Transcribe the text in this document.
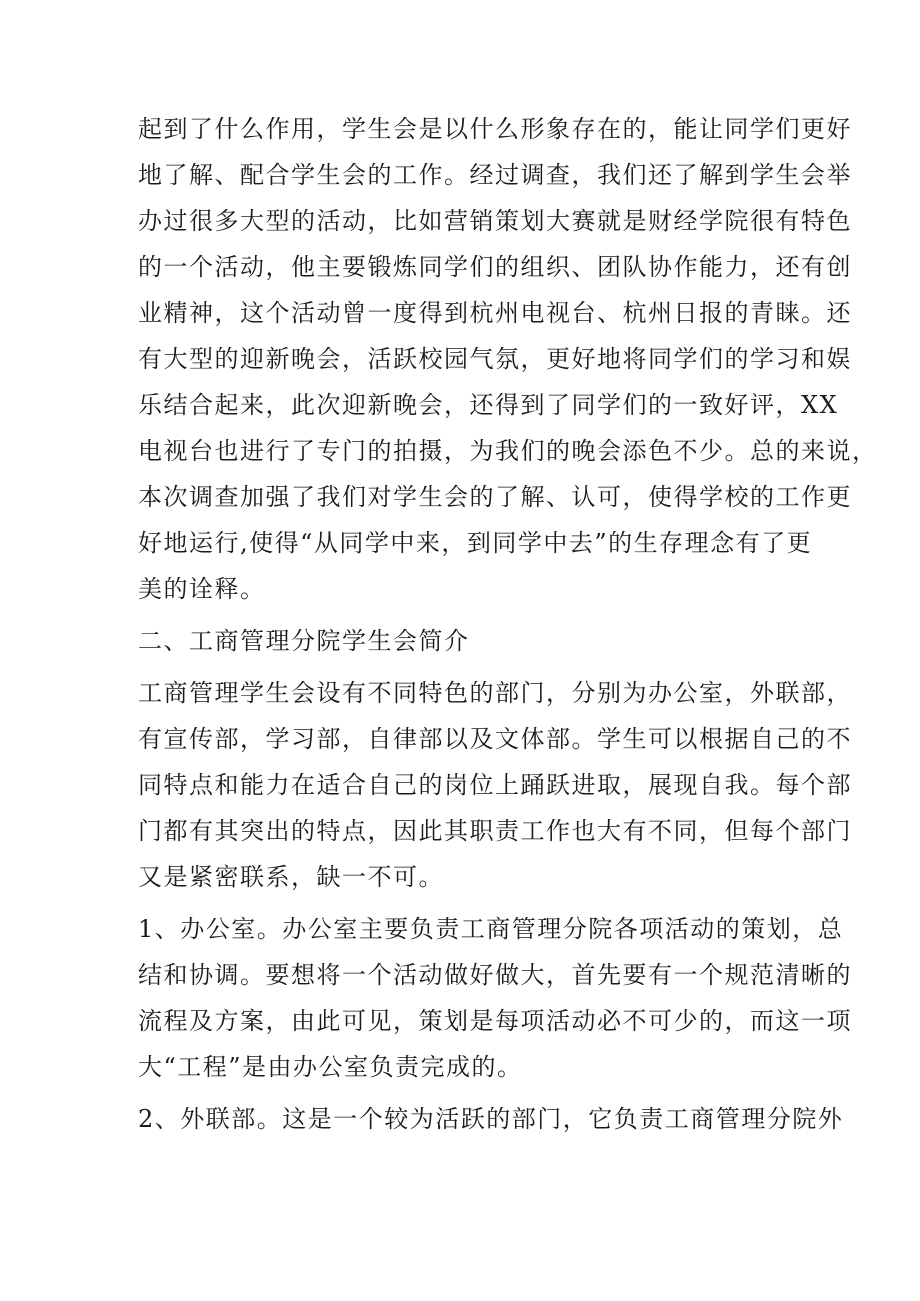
起到了什么作用，学生会是以什么形象存在的，能让同学们更好
地了解、配合学生会的工作。经过调查，我们还了解到学生会举
办过很多大型的活动，比如营销策划大赛就是财经学院很有特色
的一个活动，他主要锻炼同学们的组织、团队协作能力，还有创
业精神，这个活动曾一度得到杭州电视台、杭州日报的青睐。还
有大型的迎新晚会，活跃校园气氛，更好地将同学们的学习和娱
乐结合起来，此次迎新晚会，还得到了同学们的一致好评，XX
电视台也进行了专门的拍摄，为我们的晚会添色不少。总的来说，
本次调查加强了我们对学生会的了解、认可，使得学校的工作更
好地运行,使得“从同学中来，到同学中去”的生存理念有了更
美的诠释。
二、工商管理分院学生会简介
工商管理学生会设有不同特色的部门，分别为办公室，外联部，
有宣传部，学习部，自律部以及文体部。学生可以根据自己的不
同特点和能力在适合自己的岗位上踊跃进取，展现自我。每个部
门都有其突出的特点，因此其职责工作也大有不同，但每个部门
又是紧密联系，缺一不可。
1、办公室。办公室主要负责工商管理分院各项活动的策划，总
结和协调。要想将一个活动做好做大，首先要有一个规范清晰的
流程及方案，由此可见，策划是每项活动必不可少的，而这一项
大“工程”是由办公室负责完成的。
2、外联部。这是一个较为活跃的部门，它负责工商管理分院外
